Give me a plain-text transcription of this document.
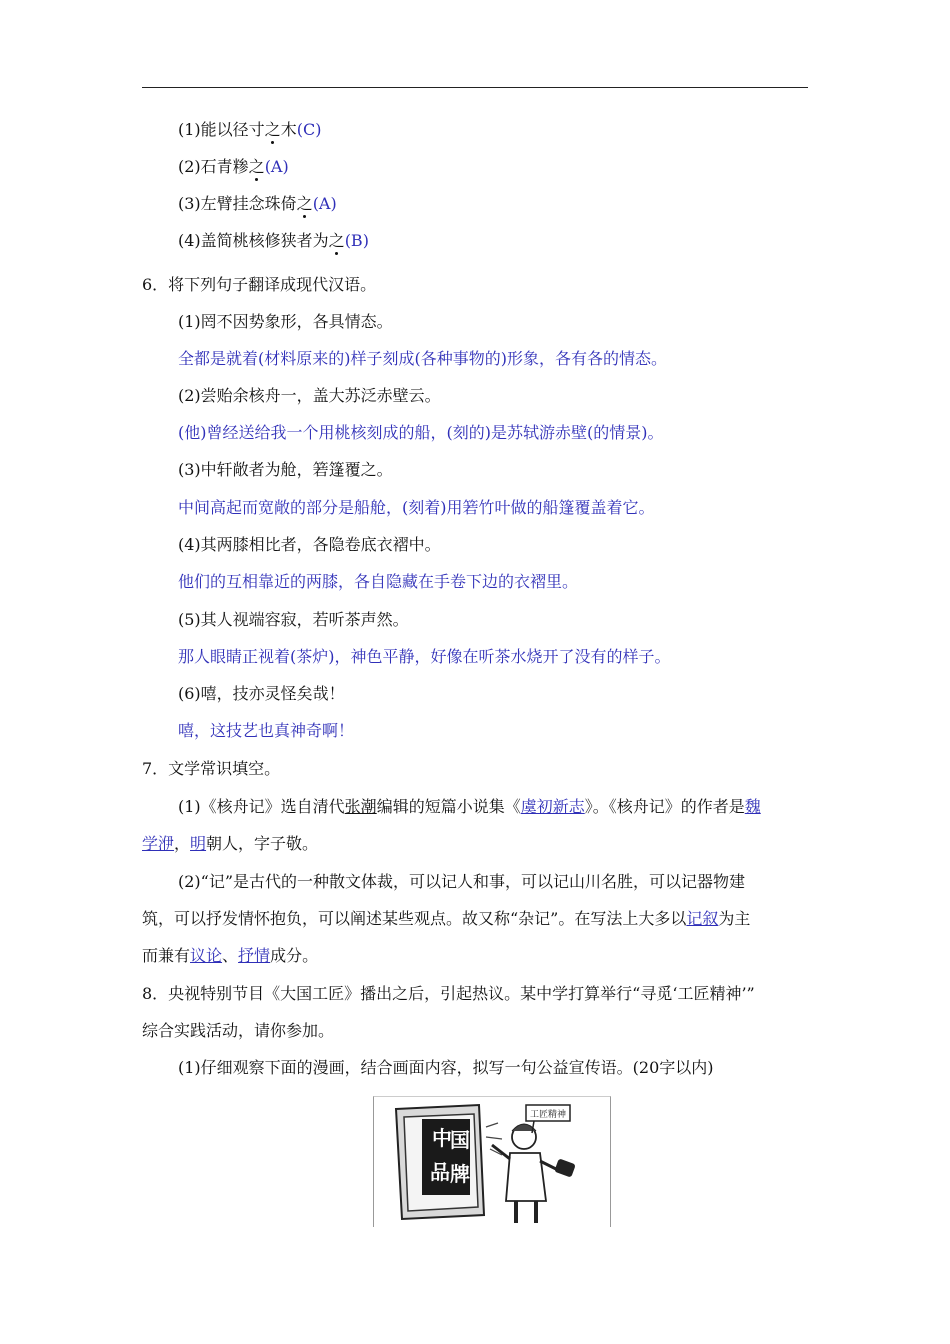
(1)能以径寸之木(C)
(2)石青糁之(A)
(3)左臂挂念珠倚之(A)
(4)盖简桃核修狭者为之(B)
6．将下列句子翻译成现代汉语。
(1)罔不因势象形，各具情态。
全都是就着(材料原来的)样子刻成(各种事物的)形象，各有各的情态。
(2)尝贻余核舟一，盖大苏泛赤壁云。
(他)曾经送给我一个用桃核刻成的船，(刻的)是苏轼游赤壁(的情景)。
(3)中轩敞者为舱，箬篷覆之。
中间高起而宽敞的部分是船舱，(刻着)用箬竹叶做的船篷覆盖着它。
(4)其两膝相比者，各隐卷底衣褶中。
他们的互相靠近的两膝，各自隐藏在手卷下边的衣褶里。
(5)其人视端容寂，若听茶声然。
那人眼睛正视着(茶炉)，神色平静，好像在听茶水烧开了没有的样子。
(6)嘻，技亦灵怪矣哉！
嘻，这技艺也真神奇啊！
7．文学常识填空。
(1)《核舟记》选自清代张潮编辑的短篇小说集《虞初新志》。《核舟记》的作者是魏
学洢，明朝人，字子敬。
(2)“记”是古代的一种散文体裁，可以记人和事，可以记山川名胜，可以记器物建
筑，可以抒发情怀抱负，可以阐述某些观点。故又称“杂记”。在写法上大多以记叙为主
而兼有议论、抒情成分。
8．央视特别节目《大国工匠》播出之后，引起热议。某中学打算举行“寻觅‘工匠精神’”
综合实践活动，请你参加。
(1)仔细观察下面的漫画，结合画面内容，拟写一句公益宣传语。(20字以内)
中
国
品 牌
工匠精神
